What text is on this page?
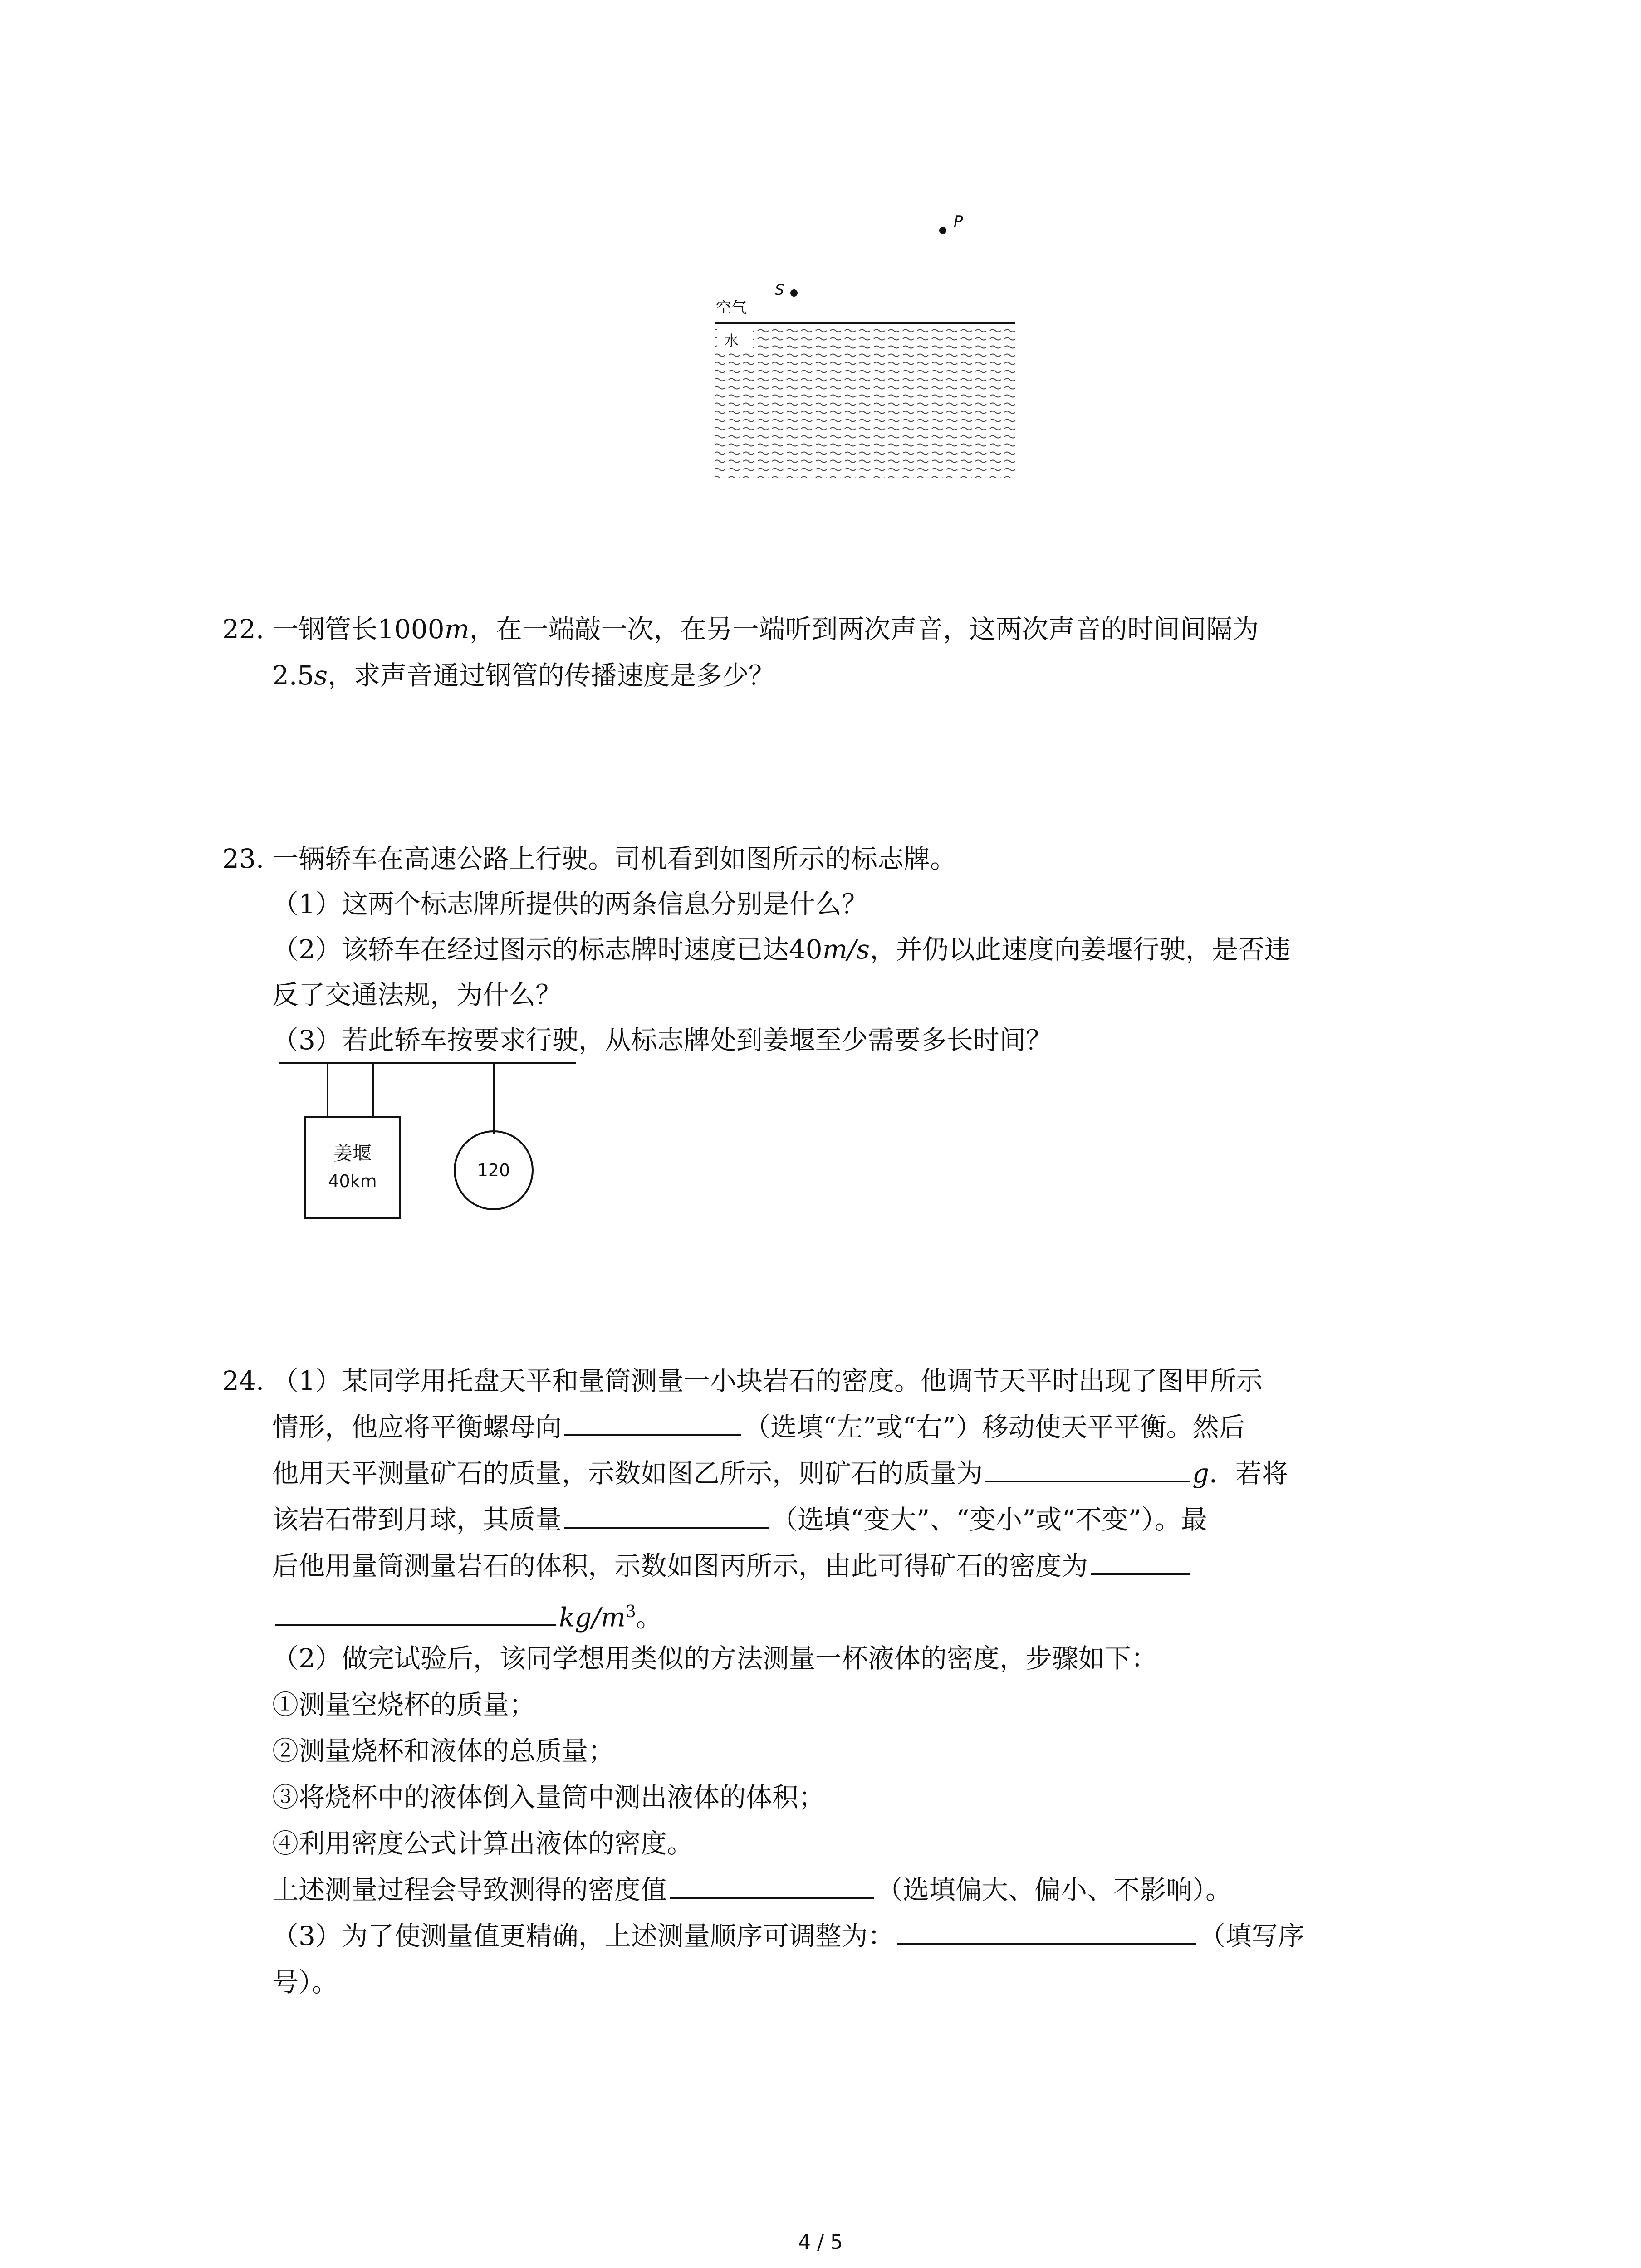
P
S
空气
水
22. 一钢管长1000m，在一端敲一次，在另一端听到两次声音，这两次声音的时间间隔为
2.5s，求声音通过钢管的传播速度是多少？
23. 一辆轿车在高速公路上行驶。司机看到如图所示的标志牌。
（1）这两个标志牌所提供的两条信息分别是什么？
（2）该轿车在经过图示的标志牌时速度已达40m/s，并仍以此速度向姜堰行驶，是否违
反了交通法规，为什么？
（3）若此轿车按要求行驶，从标志牌处到姜堰至少需要多长时间？
姜堰
40km
120
24. （1）某同学用托盘天平和量筒测量一小块岩石的密度。他调节天平时出现了图甲所示
情形，他应将平衡螺母向	（选填“左”或“右”）移动使天平平衡。然后
他用天平测量矿石的质量，示数如图乙所示，则矿石的质量为	g．若将
该岩石带到月球，其质量	（选填“变大”、“变小”或“不变”）。最
后他用量筒测量岩石的体积，示数如图丙所示，由此可得矿石的密度为
$kg/m^3$。
（2）做完试验后，该同学想用类似的方法测量一杯液体的密度，步骤如下：
①测量空烧杯的质量；
②测量烧杯和液体的总质量；
③将烧杯中的液体倒入量筒中测出液体的体积；
④利用密度公式计算出液体的密度。
上述测量过程会导致测得的密度值	（选填偏大、偏小、不影响）。
（3）为了使测量值更精确，上述测量顺序可调整为：	（填写序
号）。
4 / 5
